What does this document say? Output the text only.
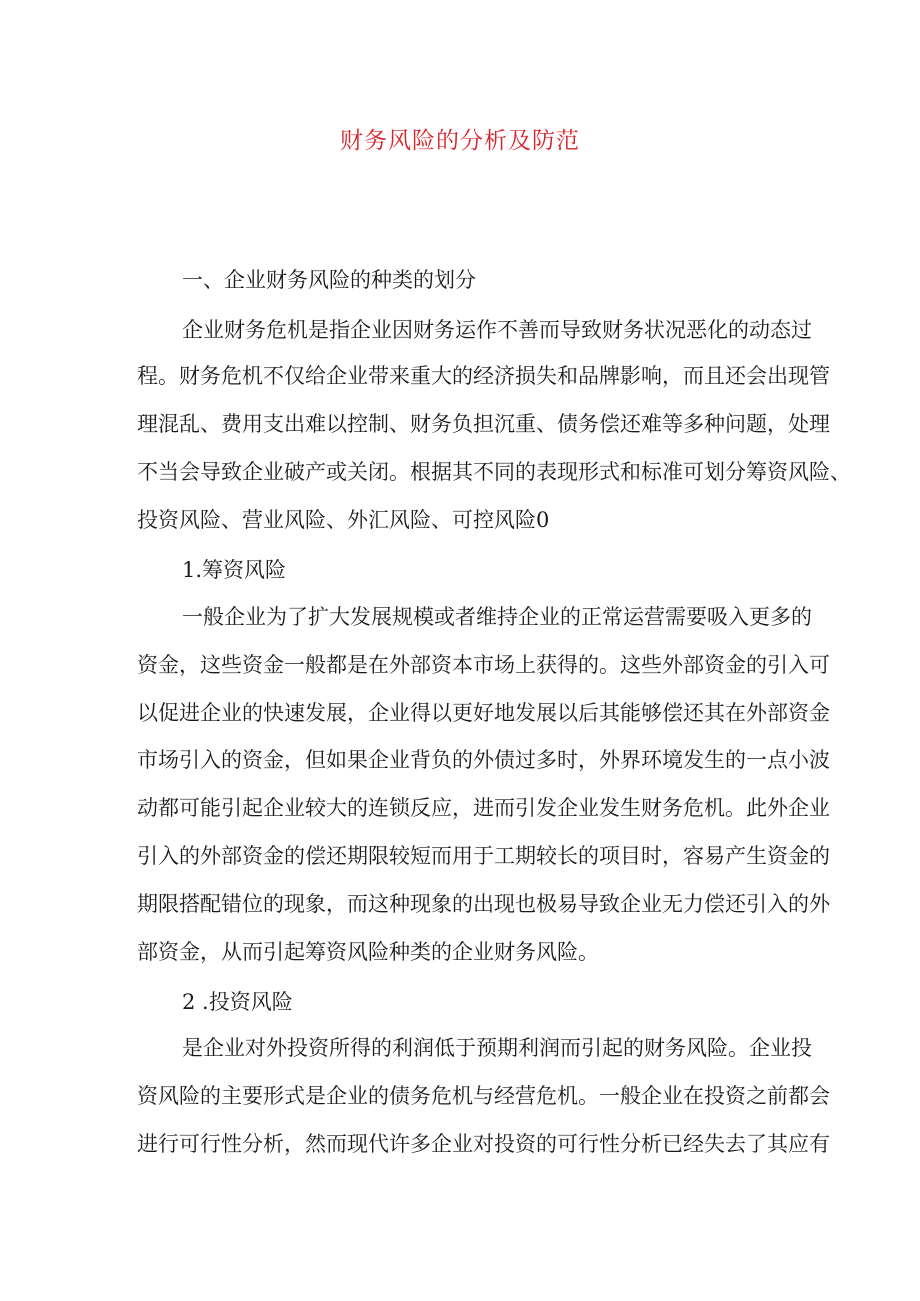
财务风险的分析及防范
一、企业财务风险的种类的划分
企业财务危机是指企业因财务运作不善而导致财务状况恶化的动态过
程。财务危机不仅给企业带来重大的经济损失和品牌影响，而且还会出现管
理混乱、费用支出难以控制、财务负担沉重、债务偿还难等多种问题，处理
不当会导致企业破产或关闭。根据其不同的表现形式和标准可划分筹资风险、
投资风险、营业风险、外汇风险、可控风险0
1.筹资风险
一般企业为了扩大发展规模或者维持企业的正常运营需要吸入更多的
资金，这些资金一般都是在外部资本市场上获得的。这些外部资金的引入可
以促进企业的快速发展，企业得以更好地发展以后其能够偿还其在外部资金
市场引入的资金，但如果企业背负的外债过多时，外界环境发生的一点小波
动都可能引起企业较大的连锁反应，进而引发企业发生财务危机。此外企业
引入的外部资金的偿还期限较短而用于工期较长的项目时，容易产生资金的
期限搭配错位的现象，而这种现象的出现也极易导致企业无力偿还引入的外
部资金，从而引起筹资风险种类的企业财务风险。
2 .投资风险
是企业对外投资所得的利润低于预期利润而引起的财务风险。企业投
资风险的主要形式是企业的债务危机与经营危机。一般企业在投资之前都会
进行可行性分析，然而现代许多企业对投资的可行性分析已经失去了其应有
